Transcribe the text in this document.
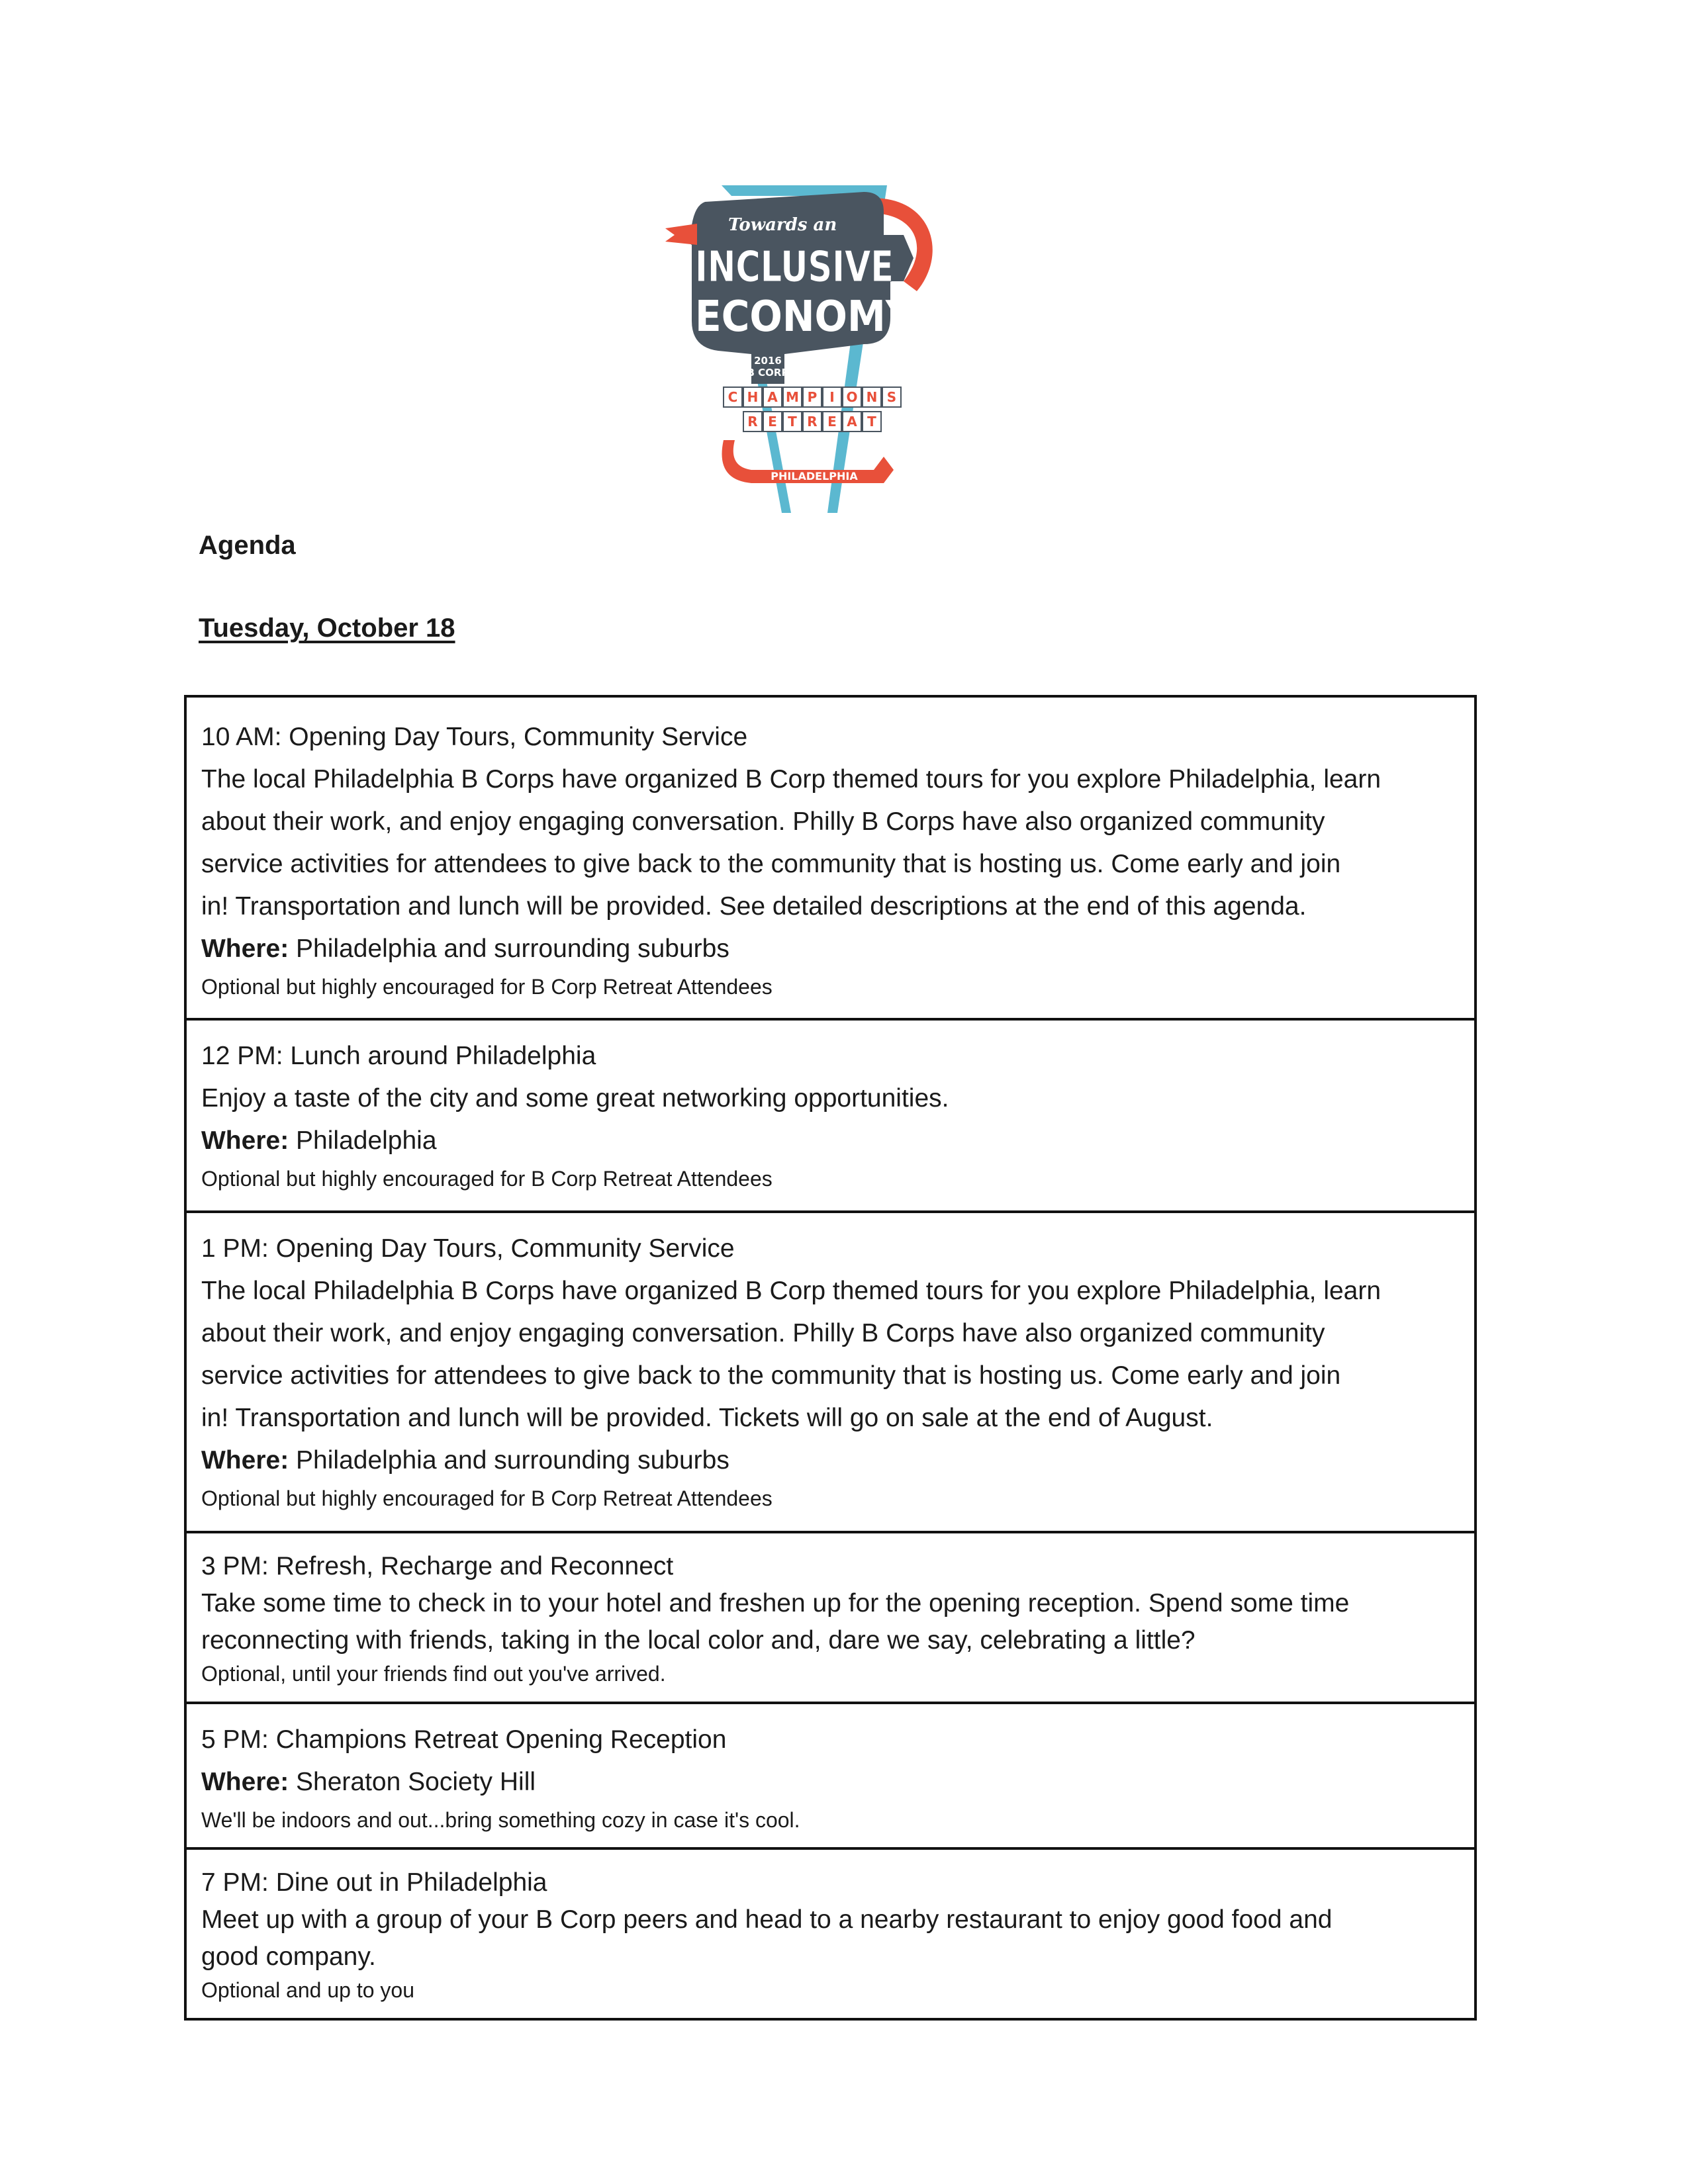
Towards an
INCLUSIVE
ECONOMY
2016
B CORP
C H A M P I O N S
R E T R E A T
PHILADELPHIA
Agenda
Tuesday, October 18
10 AM: Opening Day Tours, Community Service
The local Philadelphia B Corps have organized B Corp themed tours for you explore Philadelphia, learn
about their work, and enjoy engaging conversation. Philly B Corps have also organized community
service activities for attendees to give back to the community that is hosting us. Come early and join
in! Transportation and lunch will be provided. See detailed descriptions at the end of this agenda.
Where: Philadelphia and surrounding suburbs
Optional but highly encouraged for B Corp Retreat Attendees
12 PM: Lunch around Philadelphia
Enjoy a taste of the city and some great networking opportunities.
Where: Philadelphia
Optional but highly encouraged for B Corp Retreat Attendees
1 PM: Opening Day Tours, Community Service
The local Philadelphia B Corps have organized B Corp themed tours for you explore Philadelphia, learn
about their work, and enjoy engaging conversation. Philly B Corps have also organized community
service activities for attendees to give back to the community that is hosting us. Come early and join
in! Transportation and lunch will be provided. Tickets will go on sale at the end of August.
Where: Philadelphia and surrounding suburbs
Optional but highly encouraged for B Corp Retreat Attendees
3 PM: Refresh, Recharge and Reconnect
Take some time to check in to your hotel and freshen up for the opening reception. Spend some time
reconnecting with friends, taking in the local color and, dare we say, celebrating a little?
Optional, until your friends find out you've arrived.
5 PM: Champions Retreat Opening Reception
Where: Sheraton Society Hill
We'll be indoors and out...bring something cozy in case it's cool.
7 PM: Dine out in Philadelphia
Meet up with a group of your B Corp peers and head to a nearby restaurant to enjoy good food and
good company.
Optional and up to you
